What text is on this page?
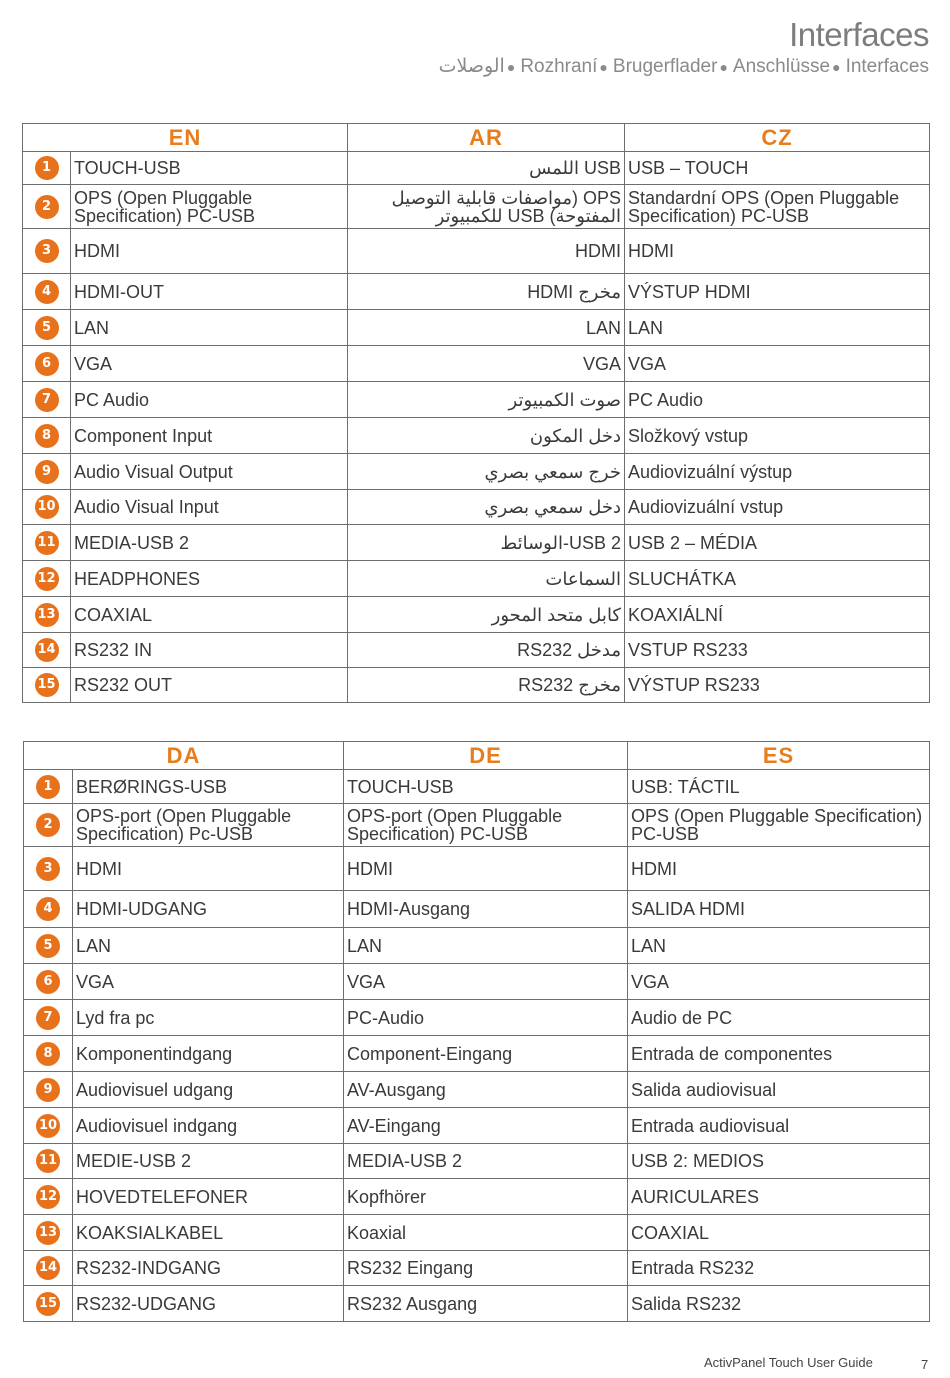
Interfaces
الوصلات ● Rozhraní ● Brugerflader ● Anschlüsse ● Interfaces
EN		AR	CZ
1	TOUCH-USB	USB اللمس	USB – TOUCH
2	OPS (Open Pluggable Specification) PC-USB	OPS (مواصفات قابلية التوصيل المفتوحة) USB للكمبيوتر	Standardní OPS (Open Pluggable Specification) PC-USB
3	HDMI	HDMI	HDMI
4	HDMI-OUT	مخرج HDMI	VÝSTUP HDMI
5	LAN	LAN	LAN
6	VGA	VGA	VGA
7	PC Audio	صوت الكمبيوتر	PC Audio
8	Component Input	دخل المكون	Složkový vstup
9	Audio Visual Output	خرج سمعي بصري	Audiovizuální výstup
10	Audio Visual Input	دخل سمعي بصري	Audiovizuální vstup
11	MEDIA-USB 2	USB 2-الوسائط	USB 2 – MÉDIA
12	HEADPHONES	السماعات	SLUCHÁTKA
13	COAXIAL	كابل متحد المحور	KOAXIÁLNÍ
14	RS232 IN	مدخل RS232	VSTUP RS233
15	RS232 OUT	مخرج RS232	VÝSTUP RS233
DA		DE	ES
1	BERØRINGS-USB	TOUCH-USB	USB: TÁCTIL
2	OPS-port (Open Pluggable Specification) Pc-USB	OPS-port (Open Pluggable Specification) PC-USB	OPS (Open Pluggable Specification) PC-USB
3	HDMI	HDMI	HDMI
4	HDMI-UDGANG	HDMI-Ausgang	SALIDA HDMI
5	LAN	LAN	LAN
6	VGA	VGA	VGA
7	Lyd fra pc	PC-Audio	Audio de PC
8	Komponentindgang	Component-Eingang	Entrada de componentes
9	Audiovisuel udgang	AV-Ausgang	Salida audiovisual
10	Audiovisuel indgang	AV-Eingang	Entrada audiovisual
11	MEDIE-USB 2	MEDIA-USB 2	USB 2: MEDIOS
12	HOVEDTELEFONER	Kopfhörer	AURICULARES
13	KOAKSIALKABEL	Koaxial	COAXIAL
14	RS232-INDGANG	RS232 Eingang	Entrada RS232
15	RS232-UDGANG	RS232 Ausgang	Salida RS232
ActivPanel Touch User Guide	7
